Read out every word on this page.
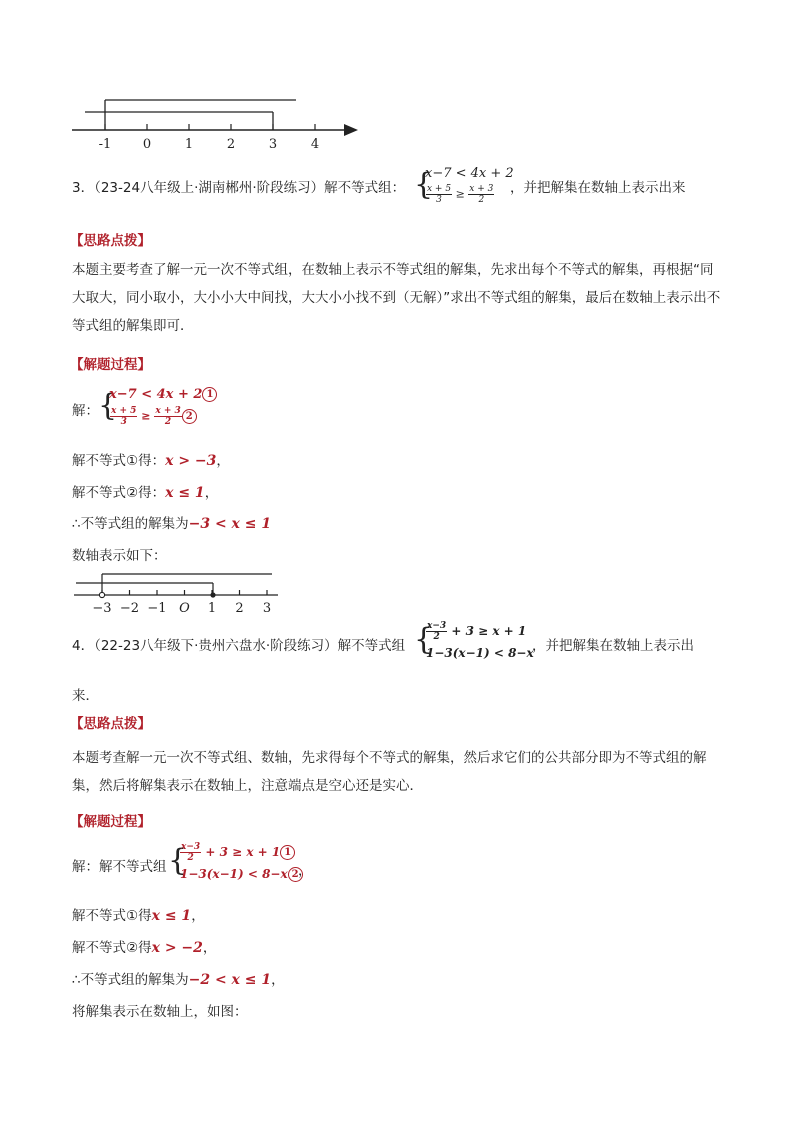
-1 0	1	2	3	4
3．（23-24八年级上·湖南郴州·阶段练习）解不等式组： {
x−7 < 4x + 2
$\frac{x + 5}{3} \ge \frac{x + 3}{2}$ ，并把解集在数轴上表示出来
【思路点拨】
本题主要考查了解一元一次不等式组，在数轴上表示不等式组的解集，先求出每个不等式的解集，再根据“同大取大，同小取小，大小小大中间找，大大小小找不到（无解）”求出不等式组的解集，最后在数轴上表示出不等式组的解集即可．
【解题过程】
解： {
x−7 < 4x + 2 1
$\frac{x + 5}{3} \ge \frac{x + 3}{2} 2$
解不等式①得：x > −3，
解不等式②得：x ≤ 1，
∴不等式组的解集为−3 < x ≤ 1
数轴表示如下：
−3 −2 −1 O 1 2 3
4．（22-23八年级下·贵州六盘水·阶段练习）解不等式组 {
$\frac{x-3}{2} + 3 \ge x + 1$
1−3(x−1) < 8−x
，并把解集在数轴上表示出
来．
【思路点拨】
本题考查解一元一次不等式组、数轴，先求得每个不等式的解集，然后求它们的公共部分即为不等式组的解集，然后将解集表示在数轴上，注意端点是空心还是实心．
【解题过程】
解：解不等式组 {
$\frac{x-3}{2} + 3 \ge x + 1$ 1
1−3(x−1) < 8−x 2 ，
解不等式①得x ≤ 1，
解不等式②得x > −2，
∴不等式组的解集为−2 < x ≤ 1，
将解集表示在数轴上，如图：
